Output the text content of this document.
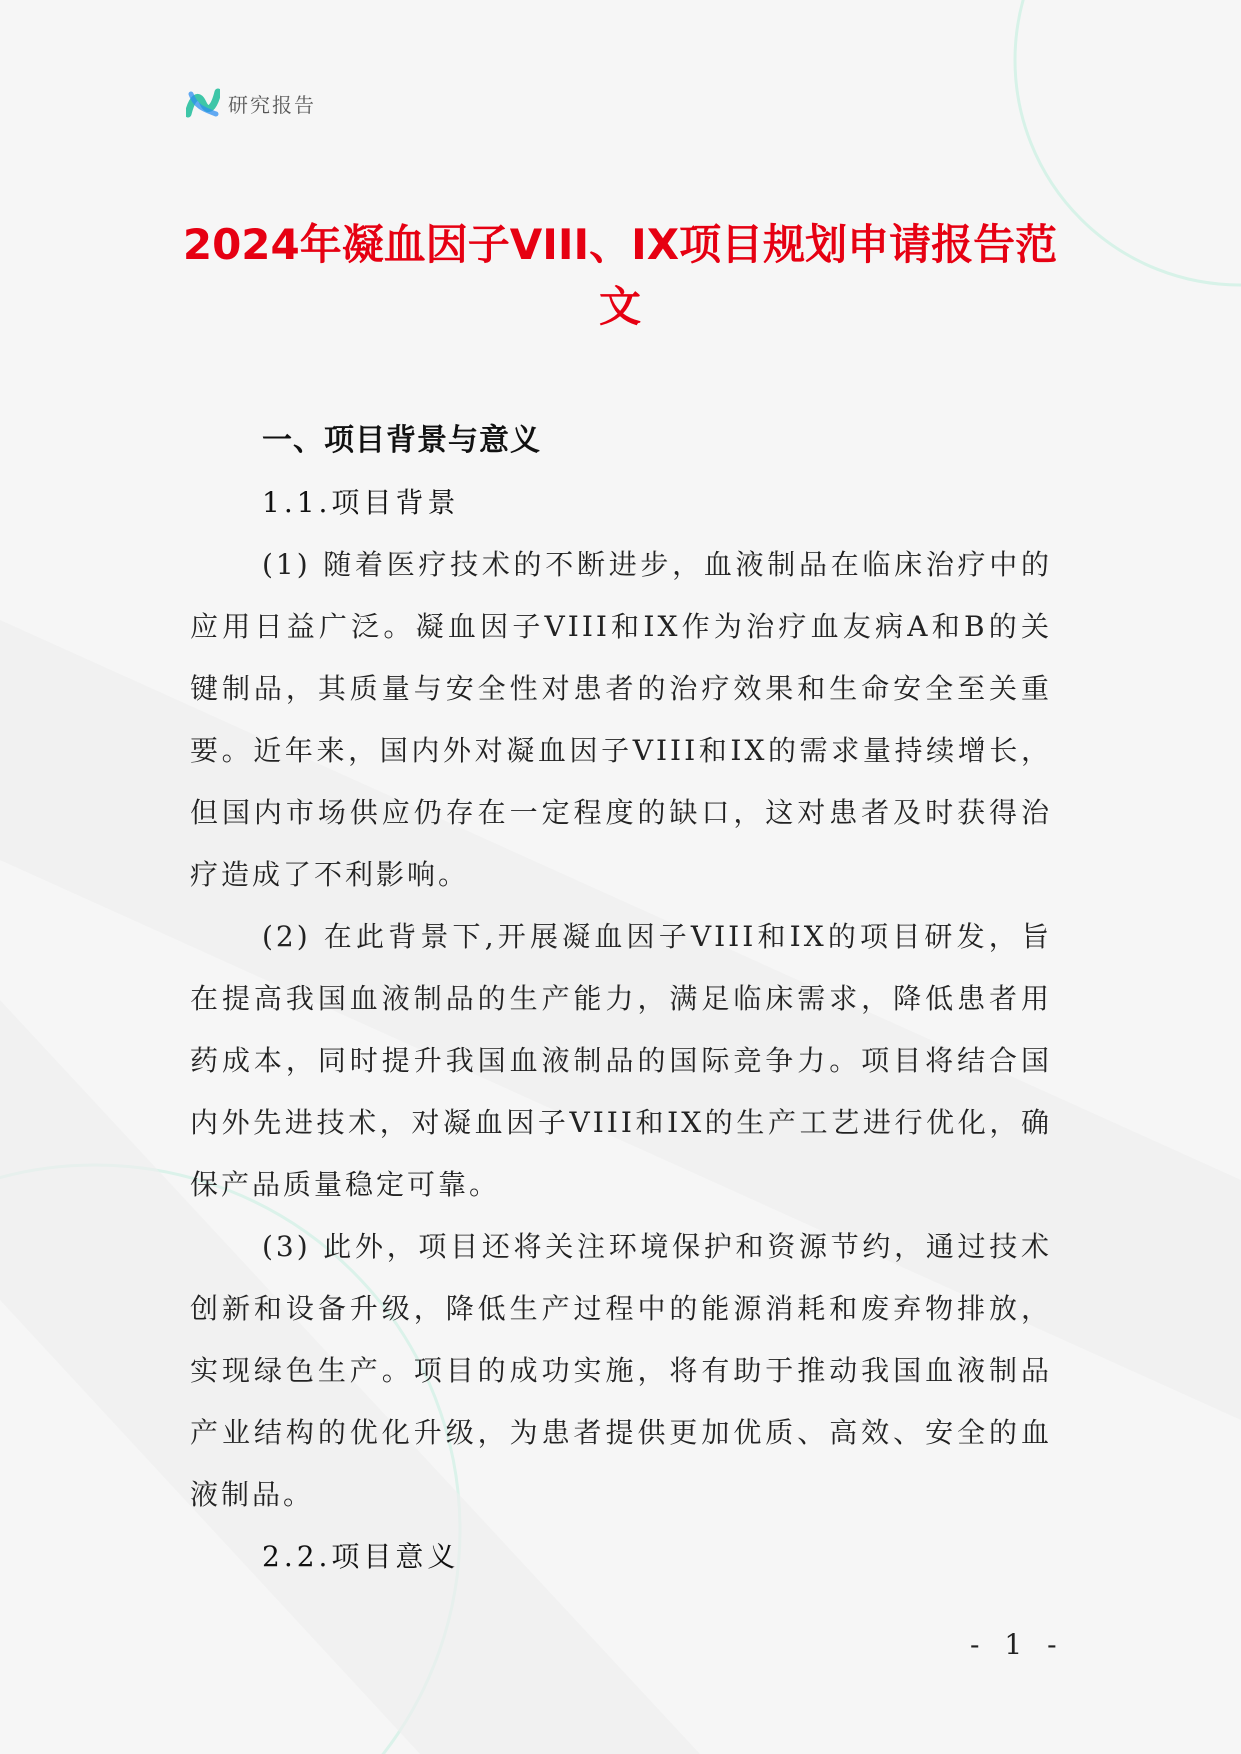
研究报告
2024年凝血因子VIII、IX项目规划申请报告范文
一、项目背景与意义
1.1.项目背景

(1) 随着医疗技术的不断进步，血液制品在临床治疗中的应用日益广泛。凝血因子VIII和IX作为治疗血友病A和B的关键制品，其质量与安全性对患者的治疗效果和生命安全至关重要。近年来，国内外对凝血因子VIII和IX的需求量持续增长，但国内市场供应仍存在一定程度的缺口，这对患者及时获得治疗造成了不利影响。

(2) 在此背景下,开展凝血因子VIII和IX的项目研发，旨在提高我国血液制品的生产能力，满足临床需求，降低患者用药成本，同时提升我国血液制品的国际竞争力。项目将结合国内外先进技术，对凝血因子VIII和IX的生产工艺进行优化，确保产品质量稳定可靠。

(3) 此外，项目还将关注环境保护和资源节约，通过技术创新和设备升级，降低生产过程中的能源消耗和废弃物排放，实现绿色生产。项目的成功实施，将有助于推动我国血液制品产业结构的优化升级，为患者提供更加优质、高效、安全的血液制品。

2.2.项目意义
- 1 -
